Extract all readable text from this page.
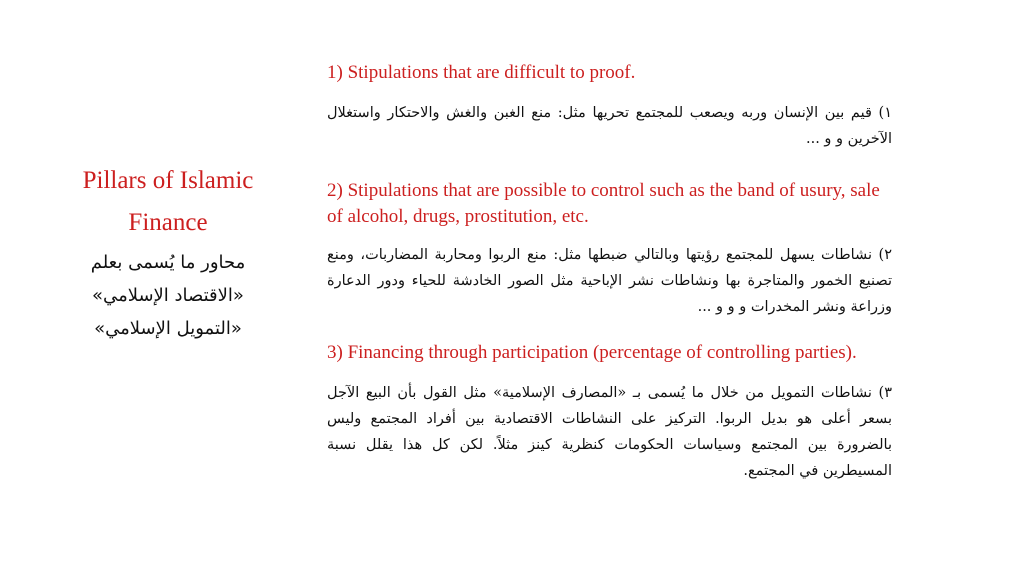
Pillars of Islamic
Finance
محاور ما يُسمى بعلم
«الاقتصاد الإسلامي»
«التمويل الإسلامي»

1) Stipulations that are difficult to proof.

١) قيم بين الإنسان وربه ويصعب للمجتمع تحريها مثل: منع الغبن والغش والاحتكار واستغلال الآخرين و و ...

2) Stipulations that are possible to control such as the band of usury, sale of alcohol, drugs, prostitution, etc.

٢) نشاطات يسهل للمجتمع رؤيتها وبالتالي ضبطها مثل: منع الربوا ومحاربة المضاربات، ومنع تصنيع الخمور والمتاجرة بها ونشاطات نشر الإباحية مثل الصور الخادشة للحياء ودور الدعارة وزراعة ونشر المخدرات و و و ...

3) Financing through participation (percentage of controlling parties).

٣) نشاطات التمويل من خلال ما يُسمى بـ «المصارف الإسلامية» مثل القول بأن البيع الآجل بسعر أعلى هو بديل الربوا. التركيز على النشاطات الاقتصادية بين أفراد المجتمع وليس بالضرورة بين المجتمع وسياسات الحكومات كنظرية كينز مثلاً. لكن كل هذا يقلل نسبة المسيطرين في المجتمع.
